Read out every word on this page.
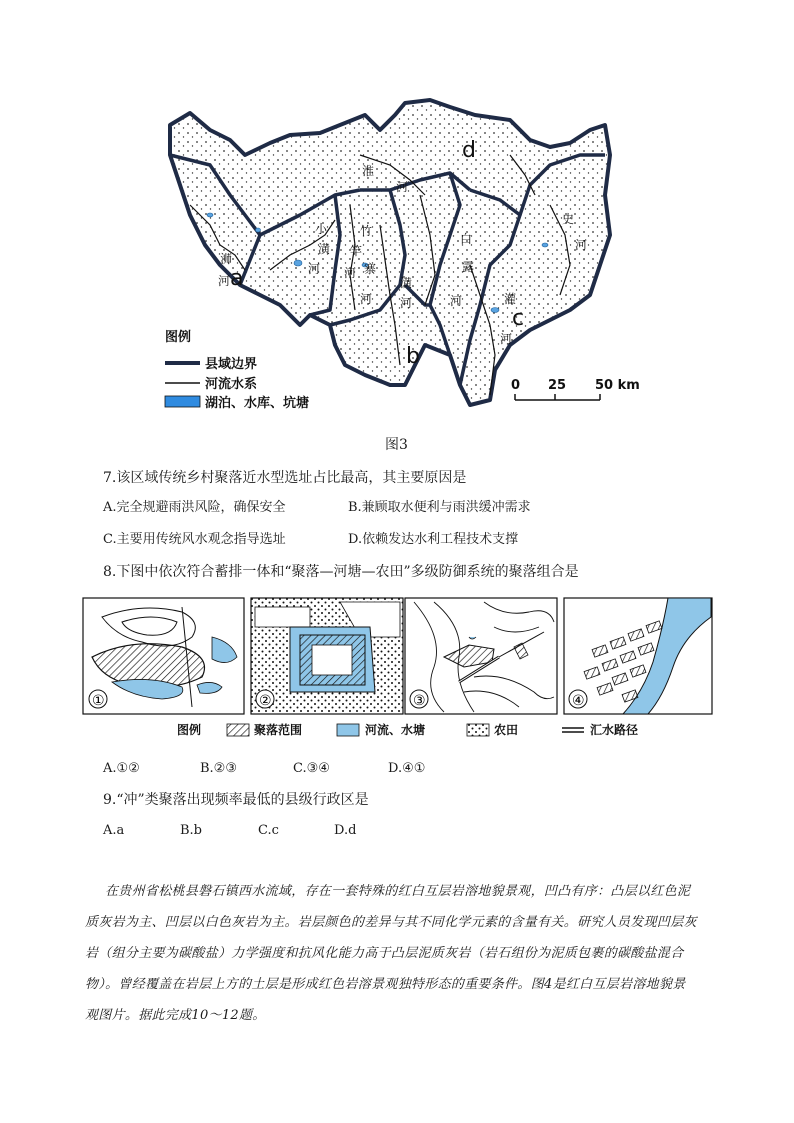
a
b
c
d
淮
河
史
河
小
潢
河
竹
竿
河 寨
河
潢
河
白
露
河	灌
河
浉
河
图例
县域边界
河流水系
湖泊、水库、坑塘
0 25 50 km
图3
7.该区域传统乡村聚落近水型选址占比最高，其主要原因是
A.完全规避雨洪风险，确保安全	B.兼顾取水便利与雨洪缓冲需求
C.主要用传统风水观念指导选址	D.依赖发达水利工程技术支撑
8.下图中依次符合蓄排一体和“聚落—河塘—农田”多级防御系统的聚落组合是
①	②	③	④
图例	聚落范围	河流、水塘	农田	汇水路径
A.①②	B.②③	C.③④	D.④①
9.“冲”类聚落出现频率最低的县级行政区是
A.a	B.b	C.c	D.d
在贵州省松桃县磐石镇西水流域，存在一套特殊的红白互层岩溶地貌景观，凹凸有序：凸层以红色泥
质灰岩为主、凹层以白色灰岩为主。岩层颜色的差异与其不同化学元素的含量有关。研究人员发现凹层灰
岩（组分主要为碳酸盐）力学强度和抗风化能力高于凸层泥质灰岩（岩石组份为泥质包裹的碳酸盐混合
物）。曾经覆盖在岩层上方的土层是形成红色岩溶景观独特形态的重要条件。图4是红白互层岩溶地貌景
观图片。据此完成10～12题。
